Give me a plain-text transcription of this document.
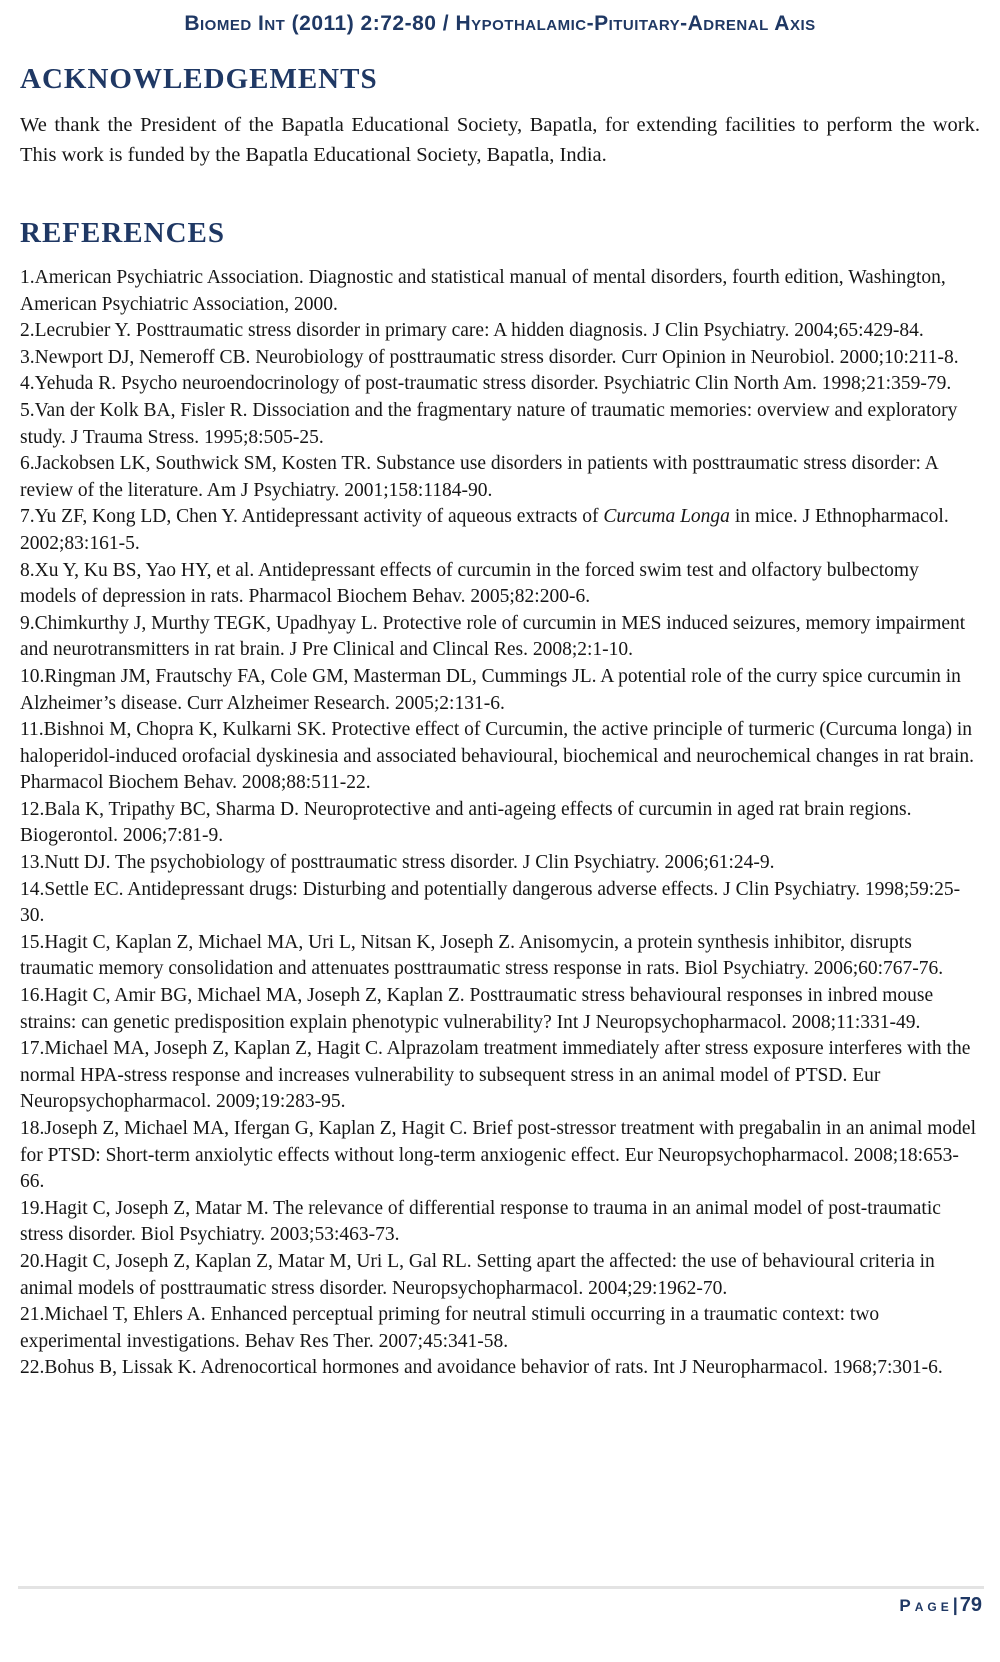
Biomed Int (2011) 2:72-80 / Hypothalamic-Pituitary-Adrenal Axis
ACKNOWLEDGEMENTS

We thank the President of the Bapatla Educational Society, Bapatla, for extending facilities to perform the work. This work is funded by the Bapatla Educational Society, Bapatla, India.

REFERENCES

1.American Psychiatric Association. Diagnostic and statistical manual of mental disorders, fourth edition, Washington, American Psychiatric Association, 2000.

2.Lecrubier Y. Posttraumatic stress disorder in primary care: A hidden diagnosis. J Clin Psychiatry. 2004;65:429-84.

3.Newport DJ, Nemeroff CB. Neurobiology of posttraumatic stress disorder. Curr Opinion in Neurobiol. 2000;10:211-8.

4.Yehuda R. Psycho neuroendocrinology of post-traumatic stress disorder. Psychiatric Clin North Am. 1998;21:359-79.

5.Van der Kolk BA, Fisler R. Dissociation and the fragmentary nature of traumatic memories: overview and exploratory study. J Trauma Stress. 1995;8:505-25.

6.Jackobsen LK, Southwick SM, Kosten TR. Substance use disorders in patients with posttraumatic stress disorder: A review of the literature. Am J Psychiatry. 2001;158:1184-90.

7.Yu ZF, Kong LD, Chen Y. Antidepressant activity of aqueous extracts of Curcuma Longa in mice. J Ethnopharmacol. 2002;83:161-5.

8.Xu Y, Ku BS, Yao HY, et al. Antidepressant effects of curcumin in the forced swim test and olfactory bulbectomy models of depression in rats. Pharmacol Biochem Behav. 2005;82:200-6.

9.Chimkurthy J, Murthy TEGK, Upadhyay L. Protective role of curcumin in MES induced seizures, memory impairment and neurotransmitters in rat brain. J Pre Clinical and Clincal Res. 2008;2:1-10.

10.Ringman JM, Frautschy FA, Cole GM, Masterman DL, Cummings JL. A potential role of the curry spice curcumin in Alzheimer’s disease. Curr Alzheimer Research. 2005;2:131-6.

11.Bishnoi M, Chopra K, Kulkarni SK. Protective effect of Curcumin, the active principle of turmeric (Curcuma longa) in haloperidol-induced orofacial dyskinesia and associated behavioural, biochemical and neurochemical changes in rat brain. Pharmacol Biochem Behav. 2008;88:511-22.

12.Bala K, Tripathy BC, Sharma D. Neuroprotective and anti-ageing effects of curcumin in aged rat brain regions. Biogerontol. 2006;7:81-9.

13.Nutt DJ. The psychobiology of posttraumatic stress disorder. J Clin Psychiatry. 2006;61:24-9.

14.Settle EC. Antidepressant drugs: Disturbing and potentially dangerous adverse effects. J Clin Psychiatry. 1998;59:25-30.

15.Hagit C, Kaplan Z, Michael MA, Uri L, Nitsan K, Joseph Z. Anisomycin, a protein synthesis inhibitor, disrupts traumatic memory consolidation and attenuates posttraumatic stress response in rats. Biol Psychiatry. 2006;60:767-76.

16.Hagit C, Amir BG, Michael MA, Joseph Z, Kaplan Z. Posttraumatic stress behavioural responses in inbred mouse strains: can genetic predisposition explain phenotypic vulnerability? Int J Neuropsychopharmacol. 2008;11:331-49.

17.Michael MA, Joseph Z, Kaplan Z, Hagit C. Alprazolam treatment immediately after stress exposure interferes with the normal HPA-stress response and increases vulnerability to subsequent stress in an animal model of PTSD. Eur Neuropsychopharmacol. 2009;19:283-95.

18.Joseph Z, Michael MA, Ifergan G, Kaplan Z, Hagit C. Brief post-stressor treatment with pregabalin in an animal model for PTSD: Short-term anxiolytic effects without long-term anxiogenic effect. Eur Neuropsychopharmacol. 2008;18:653-66.

19.Hagit C, Joseph Z, Matar M. The relevance of differential response to trauma in an animal model of post-traumatic stress disorder. Biol Psychiatry. 2003;53:463-73.

20.Hagit C, Joseph Z, Kaplan Z, Matar M, Uri L, Gal RL. Setting apart the affected: the use of behavioural criteria in animal models of posttraumatic stress disorder. Neuropsychopharmacol. 2004;29:1962-70.

21.Michael T, Ehlers A. Enhanced perceptual priming for neutral stimuli occurring in a traumatic context: two experimental investigations. Behav Res Ther. 2007;45:341-58.

22.Bohus B, Lissak K. Adrenocortical hormones and avoidance behavior of rats. Int J Neuropharmacol. 1968;7:301-6.

Page| 79
